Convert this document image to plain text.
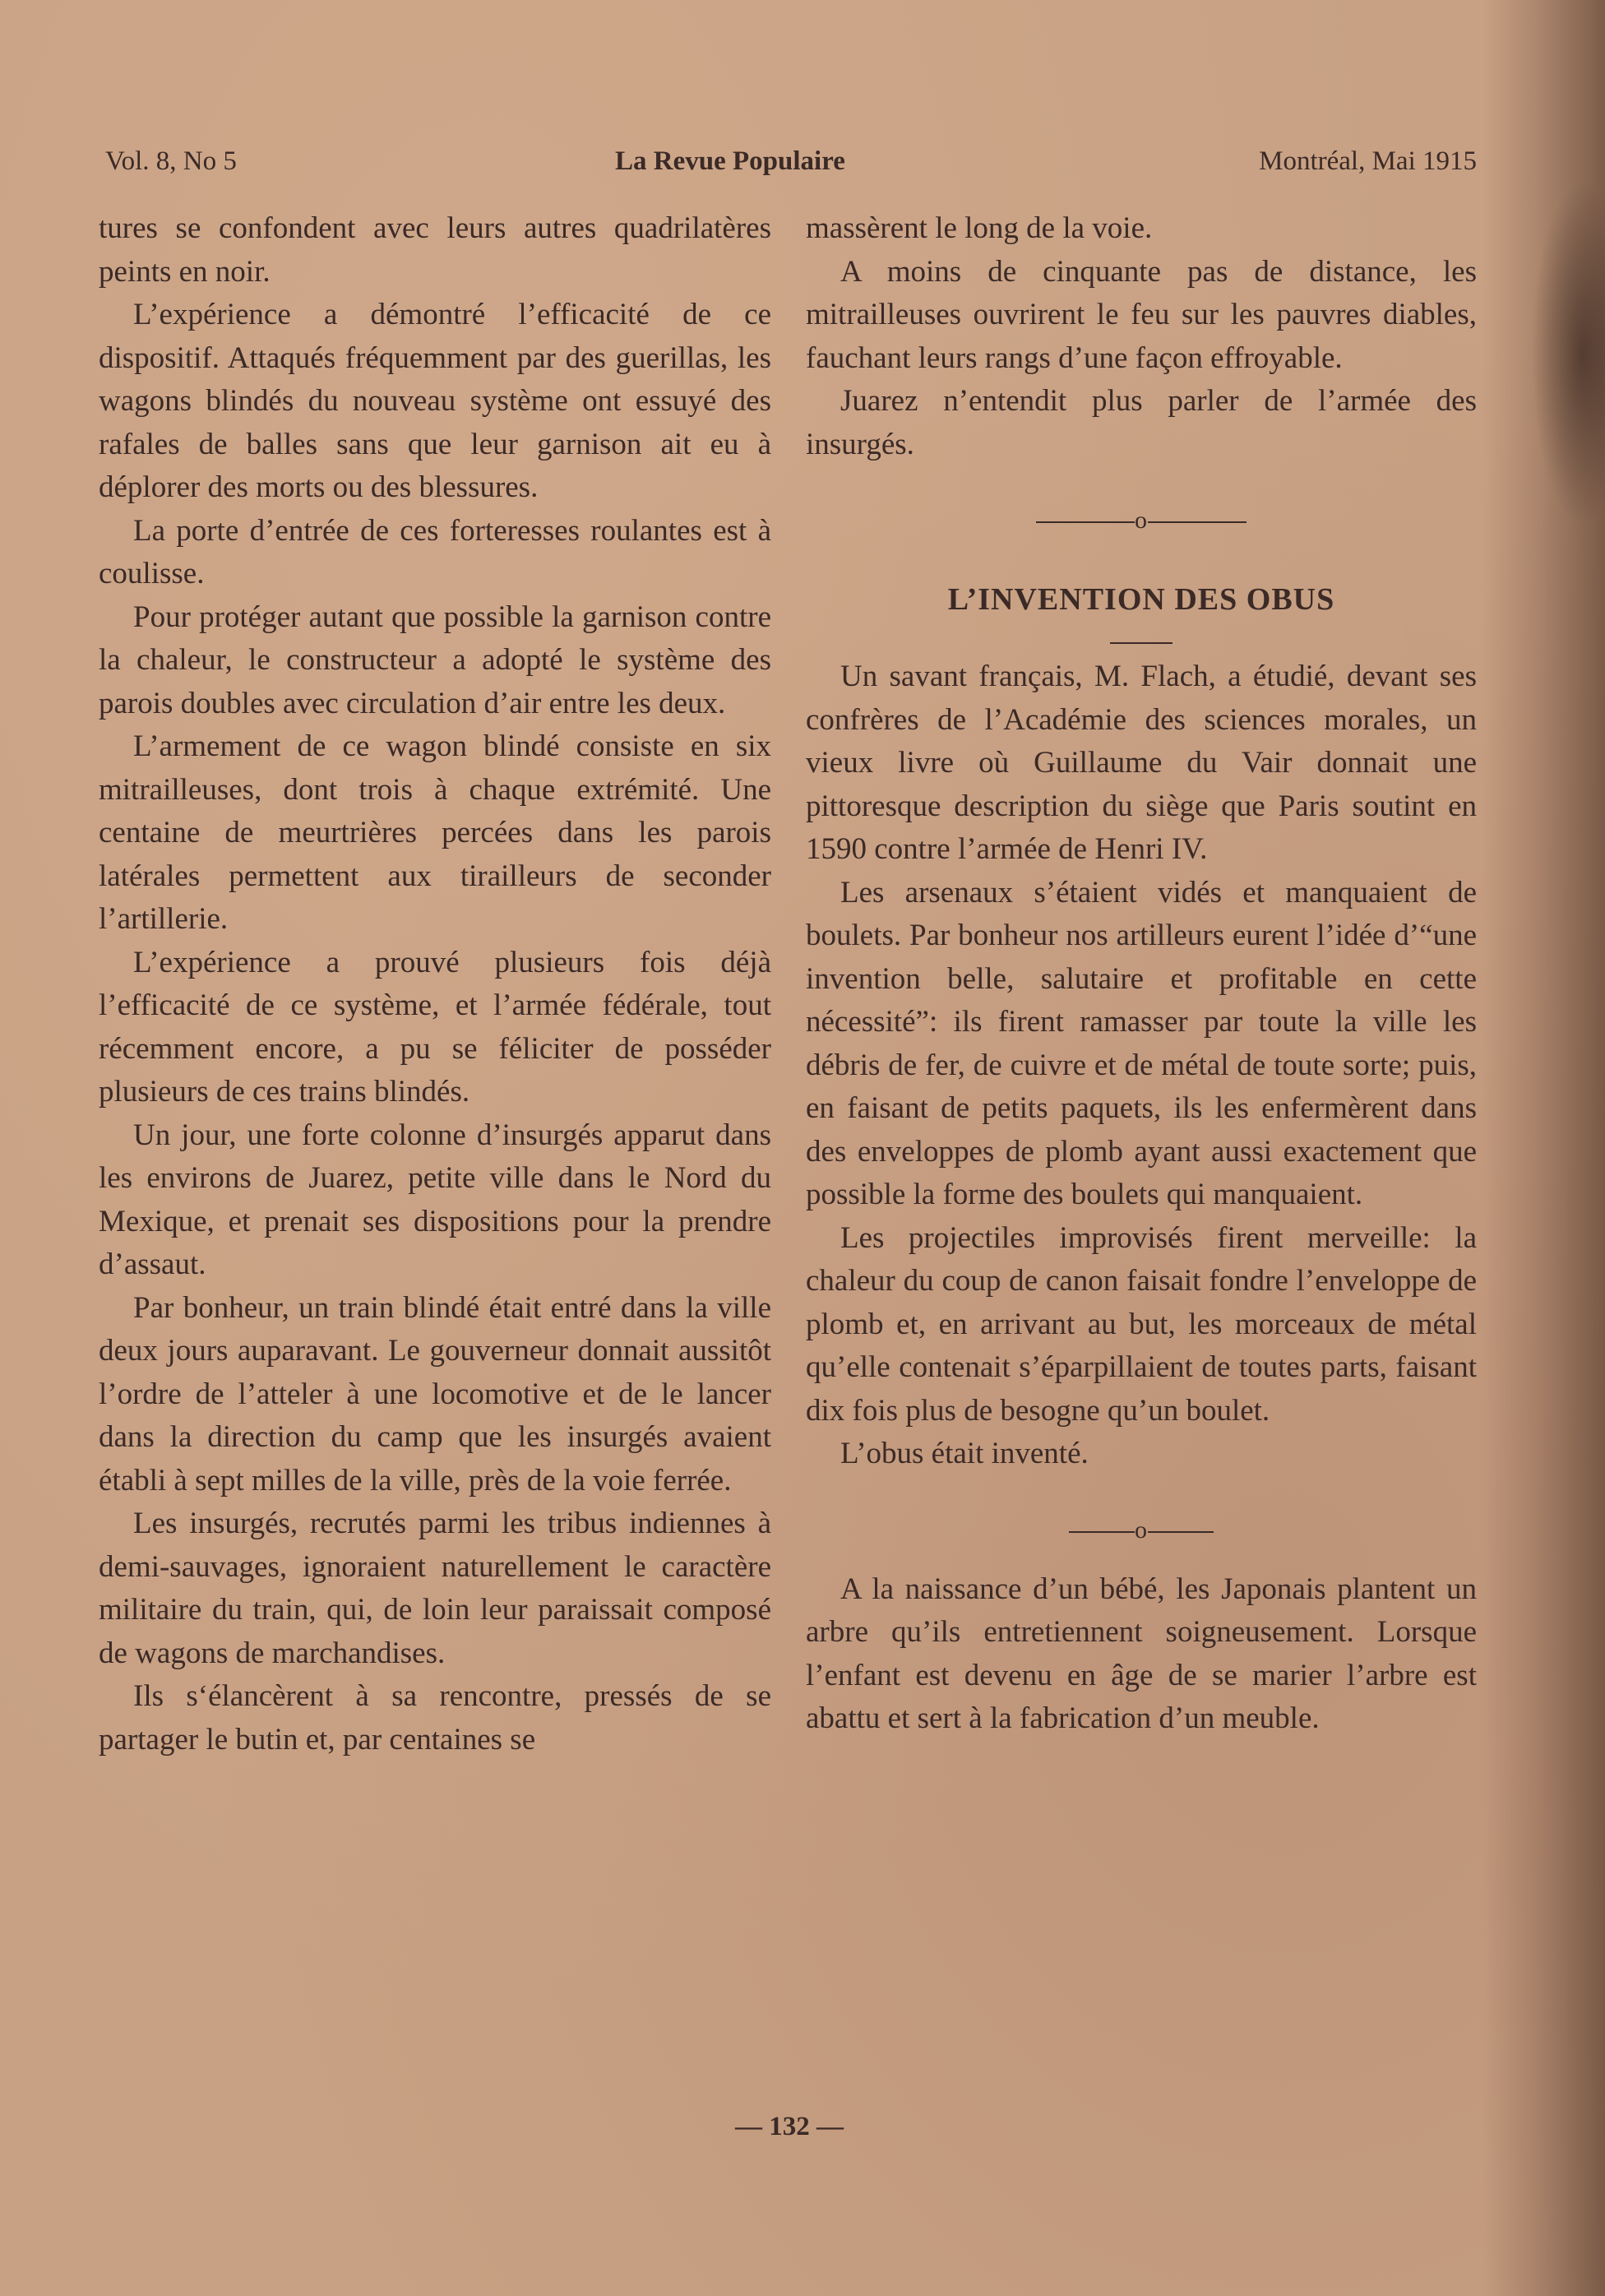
Vol. 8, No 5	La Revue Populaire	Montréal, Mai 1915

tures se confondent avec leurs autres quadrilatères peints en noir.

L’expérience a démontré l’efficacité de ce dispositif. Attaqués fréquemment par des guerillas, les wagons blindés du nouveau système ont essuyé des rafales de balles sans que leur garnison ait eu à déplorer des morts ou des blessures.

La porte d’entrée de ces forteresses roulantes est à coulisse.

Pour protéger autant que possible la garnison contre la chaleur, le constructeur a adopté le système des parois doubles avec circulation d’air entre les deux.

L’armement de ce wagon blindé consiste en six mitrailleuses, dont trois à chaque extrémité. Une centaine de meurtrières percées dans les parois latérales permettent aux tirailleurs de seconder l’artillerie.

L’expérience a prouvé plusieurs fois déjà l’efficacité de ce système, et l’armée fédérale, tout récemment encore, a pu se féliciter de posséder plusieurs de ces trains blindés.

Un jour, une forte colonne d’insurgés apparut dans les environs de Juarez, petite ville dans le Nord du Mexique, et prenait ses dispositions pour la prendre d’assaut.

Par bonheur, un train blindé était entré dans la ville deux jours auparavant. Le gouverneur donnait aussitôt l’ordre de l’atteler à une locomotive et de le lancer dans la direction du camp que les insurgés avaient établi à sept milles de la ville, près de la voie ferrée.

Les insurgés, recrutés parmi les tribus indiennes à demi-sauvages, ignoraient naturellement le caractère militaire du train, qui, de loin leur paraissait composé de wagons de marchandises.

Ils s‘élancèrent à sa rencontre, pressés de se partager le butin et, par centaines se

massèrent le long de la voie.

A moins de cinquante pas de distance, les mitrailleuses ouvrirent le feu sur les pauvres diables, fauchant leurs rangs d’une façon effroyable.

Juarez n’entendit plus parler de l’armée des insurgés.

o
L’INVENTION DES OBUS

Un savant français, M. Flach, a étudié, devant ses confrères de l’Académie des sciences morales, un vieux livre où Guillaume du Vair donnait une pittoresque description du siège que Paris soutint en 1590 contre l’armée de Henri IV.

Les arsenaux s’étaient vidés et manquaient de boulets. Par bonheur nos artilleurs eurent l’idée d’“une invention belle, salutaire et profitable en cette nécessité”: ils firent ramasser par toute la ville les débris de fer, de cuivre et de métal de toute sorte; puis, en faisant de petits paquets, ils les enfermèrent dans des enveloppes de plomb ayant aussi exactement que possible la forme des boulets qui manquaient.

Les projectiles improvisés firent merveille: la chaleur du coup de canon faisait fondre l’enveloppe de plomb et, en arrivant au but, les morceaux de métal qu’elle contenait s’éparpillaient de toutes parts, faisant dix fois plus de besogne qu’un boulet.

L’obus était inventé.

o

A la naissance d’un bébé, les Japonais plantent un arbre qu’ils entretiennent soigneusement. Lorsque l’enfant est devenu en âge de se marier l’arbre est abattu et sert à la fabrication d’un meuble.

— 132 —
